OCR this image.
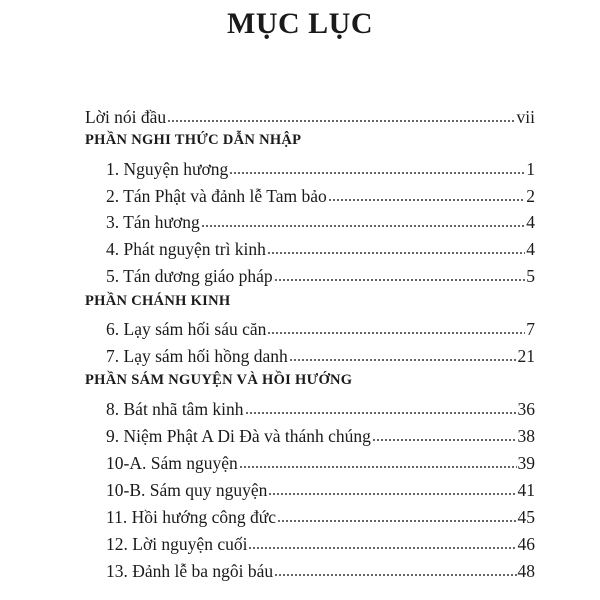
MỤC LỤC
Lời nói đầu	vii
PHẦN NGHI THỨC DẪN NHẬP
1. Nguyện hương	1
2. Tán Phật và đảnh lễ Tam bảo	2
3. Tán hương	4
4. Phát nguyện trì kinh	4
5. Tán dương giáo pháp	5
PHẦN CHÁNH KINH
6. Lạy sám hối sáu căn	7
7. Lạy sám hối hồng danh	21
PHẦN SÁM NGUYỆN VÀ HỒI HƯỚNG
8. Bát nhã tâm kinh	36
9. Niệm Phật A Di Đà và thánh chúng	38
10-A. Sám nguyện	39
10-B. Sám quy nguyện	41
11. Hồi hướng công đức	45
12. Lời nguyện cuối	46
13. Đảnh lễ ba ngôi báu	48
